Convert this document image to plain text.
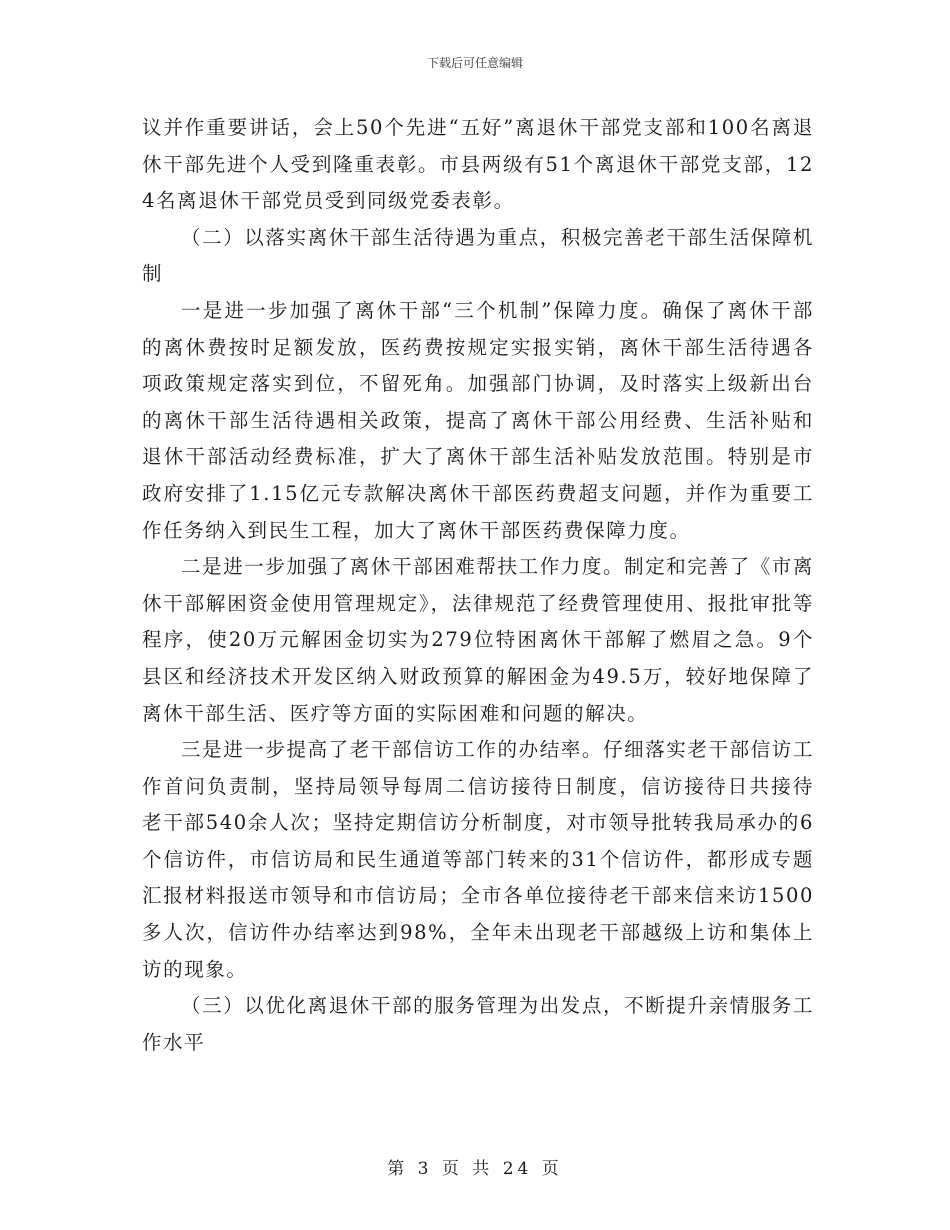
下载后可任意编辑

议并作重要讲话，会上50个先进“五好”离退休干部党支部和100名离退休干部先进个人受到隆重表彰。市县两级有51个离退休干部党支部，124名离退休干部党员受到同级党委表彰。

（二）以落实离休干部生活待遇为重点，积极完善老干部生活保障机制

一是进一步加强了离休干部“三个机制”保障力度。确保了离休干部的离休费按时足额发放，医药费按规定实报实销，离休干部生活待遇各项政策规定落实到位，不留死角。加强部门协调，及时落实上级新出台的离休干部生活待遇相关政策，提高了离休干部公用经费、生活补贴和退休干部活动经费标准，扩大了离休干部生活补贴发放范围。特别是市政府安排了1.15亿元专款解决离休干部医药费超支问题，并作为重要工作任务纳入到民生工程，加大了离休干部医药费保障力度。

二是进一步加强了离休干部困难帮扶工作力度。制定和完善了《市离休干部解困资金使用管理规定》，法律规范了经费管理使用、报批审批等程序，使20万元解困金切实为279位特困离休干部解了燃眉之急。9个县区和经济技术开发区纳入财政预算的解困金为49.5万，较好地保障了离休干部生活、医疗等方面的实际困难和问题的解决。

三是进一步提高了老干部信访工作的办结率。仔细落实老干部信访工作首问负责制，坚持局领导每周二信访接待日制度，信访接待日共接待老干部540余人次；坚持定期信访分析制度，对市领导批转我局承办的6个信访件，市信访局和民生通道等部门转来的31个信访件，都形成专题汇报材料报送市领导和市信访局；全市各单位接待老干部来信来访1500多人次，信访件办结率达到98%，全年未出现老干部越级上访和集体上访的现象。

（三）以优化离退休干部的服务管理为出发点，不断提升亲情服务工作水平

第 3 页 共 24 页
